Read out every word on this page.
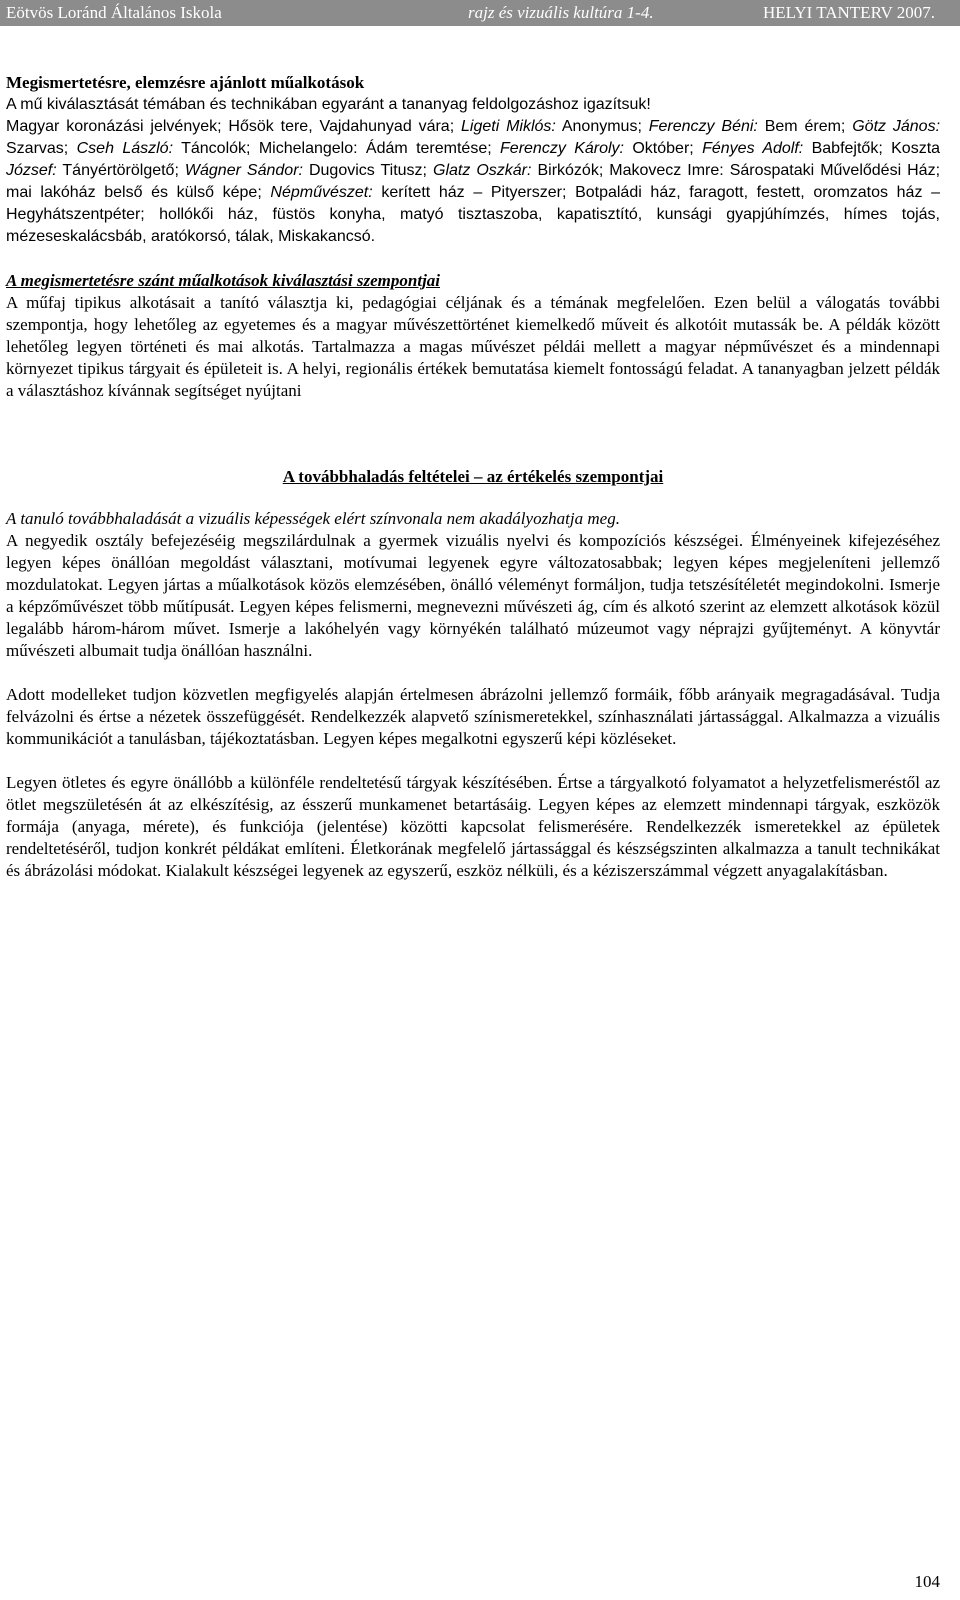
Eötvös Loránd Általános Iskola	rajz és vizuális kultúra 1-4.	HELYI TANTERV 2007.

Megismertetésre, elemzésre ajánlott műalkotások

A mű kiválasztását témában és technikában egyaránt a tananyag feldolgozáshoz igazítsuk!

Magyar koronázási jelvények; Hősök tere, Vajdahunyad vára; Ligeti Miklós: Anonymus; Ferenczy Béni: Bem érem; Götz János: Szarvas; Cseh László: Táncolók; Michelangelo: Ádám teremtése; Ferenczy Károly: Október; Fényes Adolf: Babfejtők; Koszta József: Tányértörölgető; Wágner Sándor: Dugovics Titusz; Glatz Oszkár: Birkózók; Makovecz Imre: Sárospataki Művelődési Ház; mai lakóház belső és külső képe; Népművészet: kerített ház – Pityerszer; Botpaládi ház, faragott, festett, oromzatos ház – Hegyhátszentpéter; hollókői ház, füstös konyha, matyó tisztaszoba, kapatisztító, kunsági gyapjúhímzés, hímes tojás, mézeseskalácsbáb, aratókorsó, tálak, Miskakancsó.

A megismertetésre szánt műalkotások kiválasztási szempontjai

A műfaj tipikus alkotásait a tanító választja ki, pedagógiai céljának és a témának megfelelően. Ezen belül a válogatás további szempontja, hogy lehetőleg az egyetemes és a magyar művészettörténet kiemelkedő műveit és alkotóit mutassák be. A példák között lehetőleg legyen történeti és mai alkotás. Tartalmazza a magas művészet példái mellett a magyar népművészet és a mindennapi környezet tipikus tárgyait és épületeit is. A helyi, regionális értékek bemutatása kiemelt fontosságú feladat. A tananyagban jelzett példák a választáshoz kívánnak segítséget nyújtani

A továbbhaladás feltételei – az értékelés szempontjai

A tanuló továbbhaladását a vizuális képességek elért színvonala nem akadályozhatja meg.

A negyedik osztály befejezéséig megszilárdulnak a gyermek vizuális nyelvi és kompozíciós készségei. Élményeinek kifejezéséhez legyen képes önállóan megoldást választani, motívumai legyenek egyre változatosabbak; legyen képes megjeleníteni jellemző mozdulatokat. Legyen jártas a műalkotások közös elemzésében, önálló véleményt formáljon, tudja tetszésítéletét megindokolni. Ismerje a képzőművészet több műtípusát. Legyen képes felismerni, megnevezni művészeti ág, cím és alkotó szerint az elemzett alkotások közül legalább három-három művet. Ismerje a lakóhelyén vagy környékén található múzeumot vagy néprajzi gyűjteményt. A könyvtár művészeti albumait tudja önállóan használni.

Adott modelleket tudjon közvetlen megfigyelés alapján értelmesen ábrázolni jellemző formáik, főbb arányaik megragadásával. Tudja felvázolni és értse a nézetek összefüggését. Rendelkezzék alapvető színismeretekkel, színhasználati jártassággal. Alkalmazza a vizuális kommunikációt a tanulásban, tájékoztatásban. Legyen képes megalkotni egyszerű képi közléseket.

Legyen ötletes és egyre önállóbb a különféle rendeltetésű tárgyak készítésében. Értse a tárgyalkotó folyamatot a helyzetfelismeréstől az ötlet megszületésén át az elkészítésig, az ésszerű munkamenet betartásáig. Legyen képes az elemzett mindennapi tárgyak, eszközök formája (anyaga, mérete), és funkciója (jelentése) közötti kapcsolat felismerésére. Rendelkezzék ismeretekkel az épületek rendeltetéséről, tudjon konkrét példákat említeni. Életkorának megfelelő jártassággal és készségszinten alkalmazza a tanult technikákat és ábrázolási módokat. Kialakult készségei legyenek az egyszerű, eszköz nélküli, és a kéziszerszámmal végzett anyagalakításban.

104
